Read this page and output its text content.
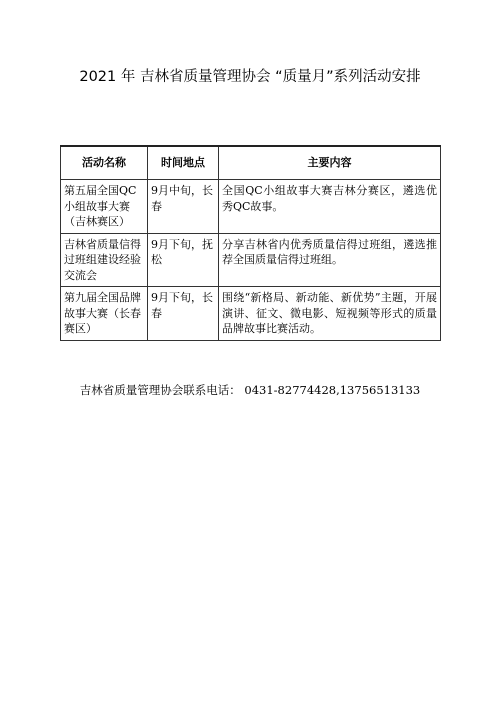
2021 年 吉林省质量管理协会 “质量月”系列活动安排
活动名称	时间地点	主要内容
第五届全国QC小组故事大赛（吉林赛区）	9月中旬，长春	全国QC小组故事大赛吉林分赛区，遴选优秀QC故事。
吉林省质量信得过班组建设经验交流会	9月下旬，抚松	分享吉林省内优秀质量信得过班组，遴选推荐全国质量信得过班组。
第九届全国品牌故事大赛（长春赛区）	9月下旬，长春	围绕“新格局、新动能、新优势”主题，开展演讲、征文、微电影、短视频等形式的质量品牌故事比赛活动。
吉林省质量管理协会联系电话： 0431-82774428,13756513133
